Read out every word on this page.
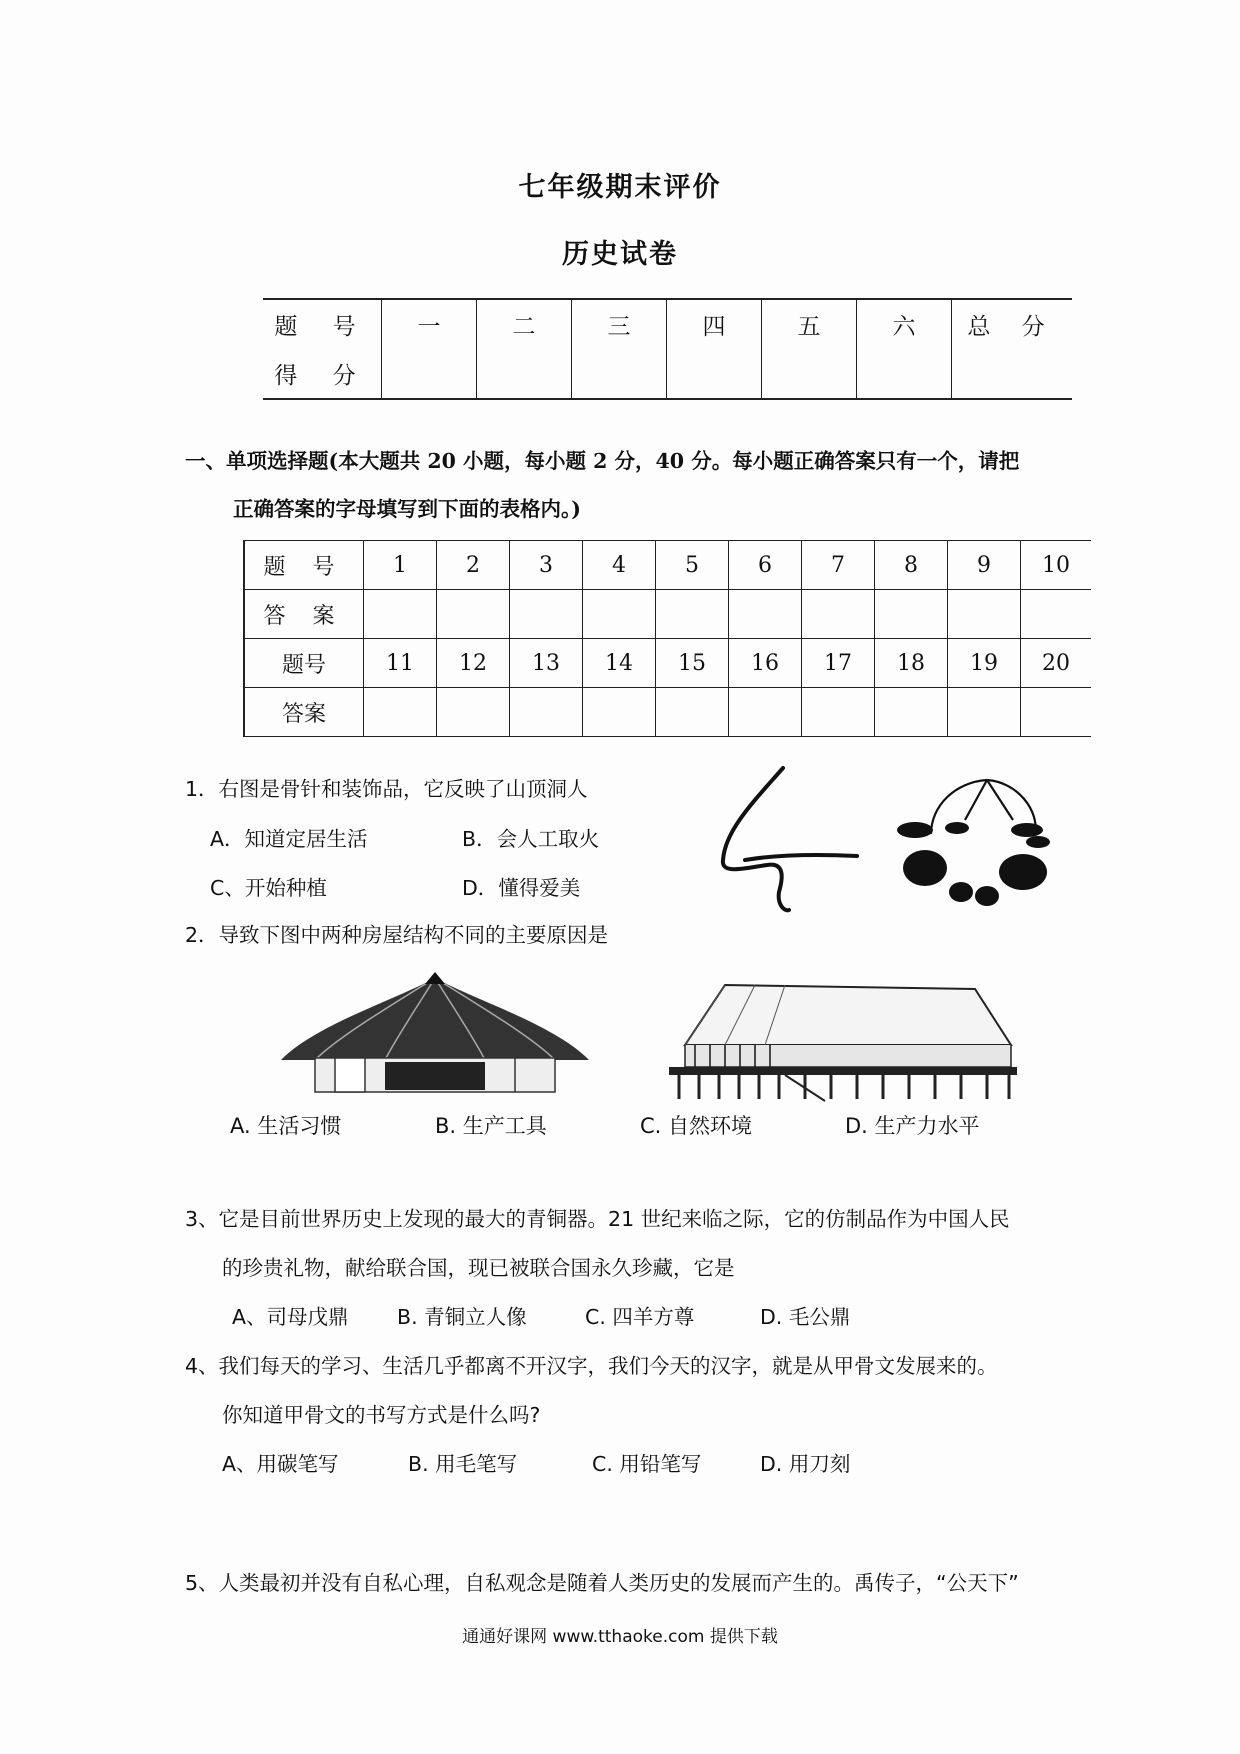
七年级期末评价
历史试卷
题 号	一	二	三	四	五	六	总 分
得 分							
一、单项选择题(本大题共 20 小题，每小题 2 分，40 分。每小题正确答案只有一个，请把
正确答案的字母填写到下面的表格内。)
题 号	1	2	3	4	5	6	7	8	9	10
答 案										
题号	11	12	13	14	15	16	17	18	19	20
答案										
1．右图是骨针和装饰品，它反映了山顶洞人
A．知道定居生活	B．会人工取火
C、开始种植	D．懂得爱美
2．导致下图中两种房屋结构不同的主要原因是
A. 生活习惯	B. 生产工具	C. 自然环境	D. 生产力水平
3、它是目前世界历史上发现的最大的青铜器。21 世纪来临之际，它的仿制品作为中国人民
的珍贵礼物，献给联合国，现已被联合国永久珍藏，它是
A、司母戊鼎 B. 青铜立人像	C. 四羊方尊	D. 毛公鼎
4、我们每天的学习、生活几乎都离不开汉字，我们今天的汉字，就是从甲骨文发展来的。
你知道甲骨文的书写方式是什么吗?
A、用碳笔写	B. 用毛笔写	C. 用铅笔写	D. 用刀刻
5、人类最初并没有自私心理，自私观念是随着人类历史的发展而产生的。禹传子，“公天下”
通通好课网 www.tthaoke.com 提供下载
